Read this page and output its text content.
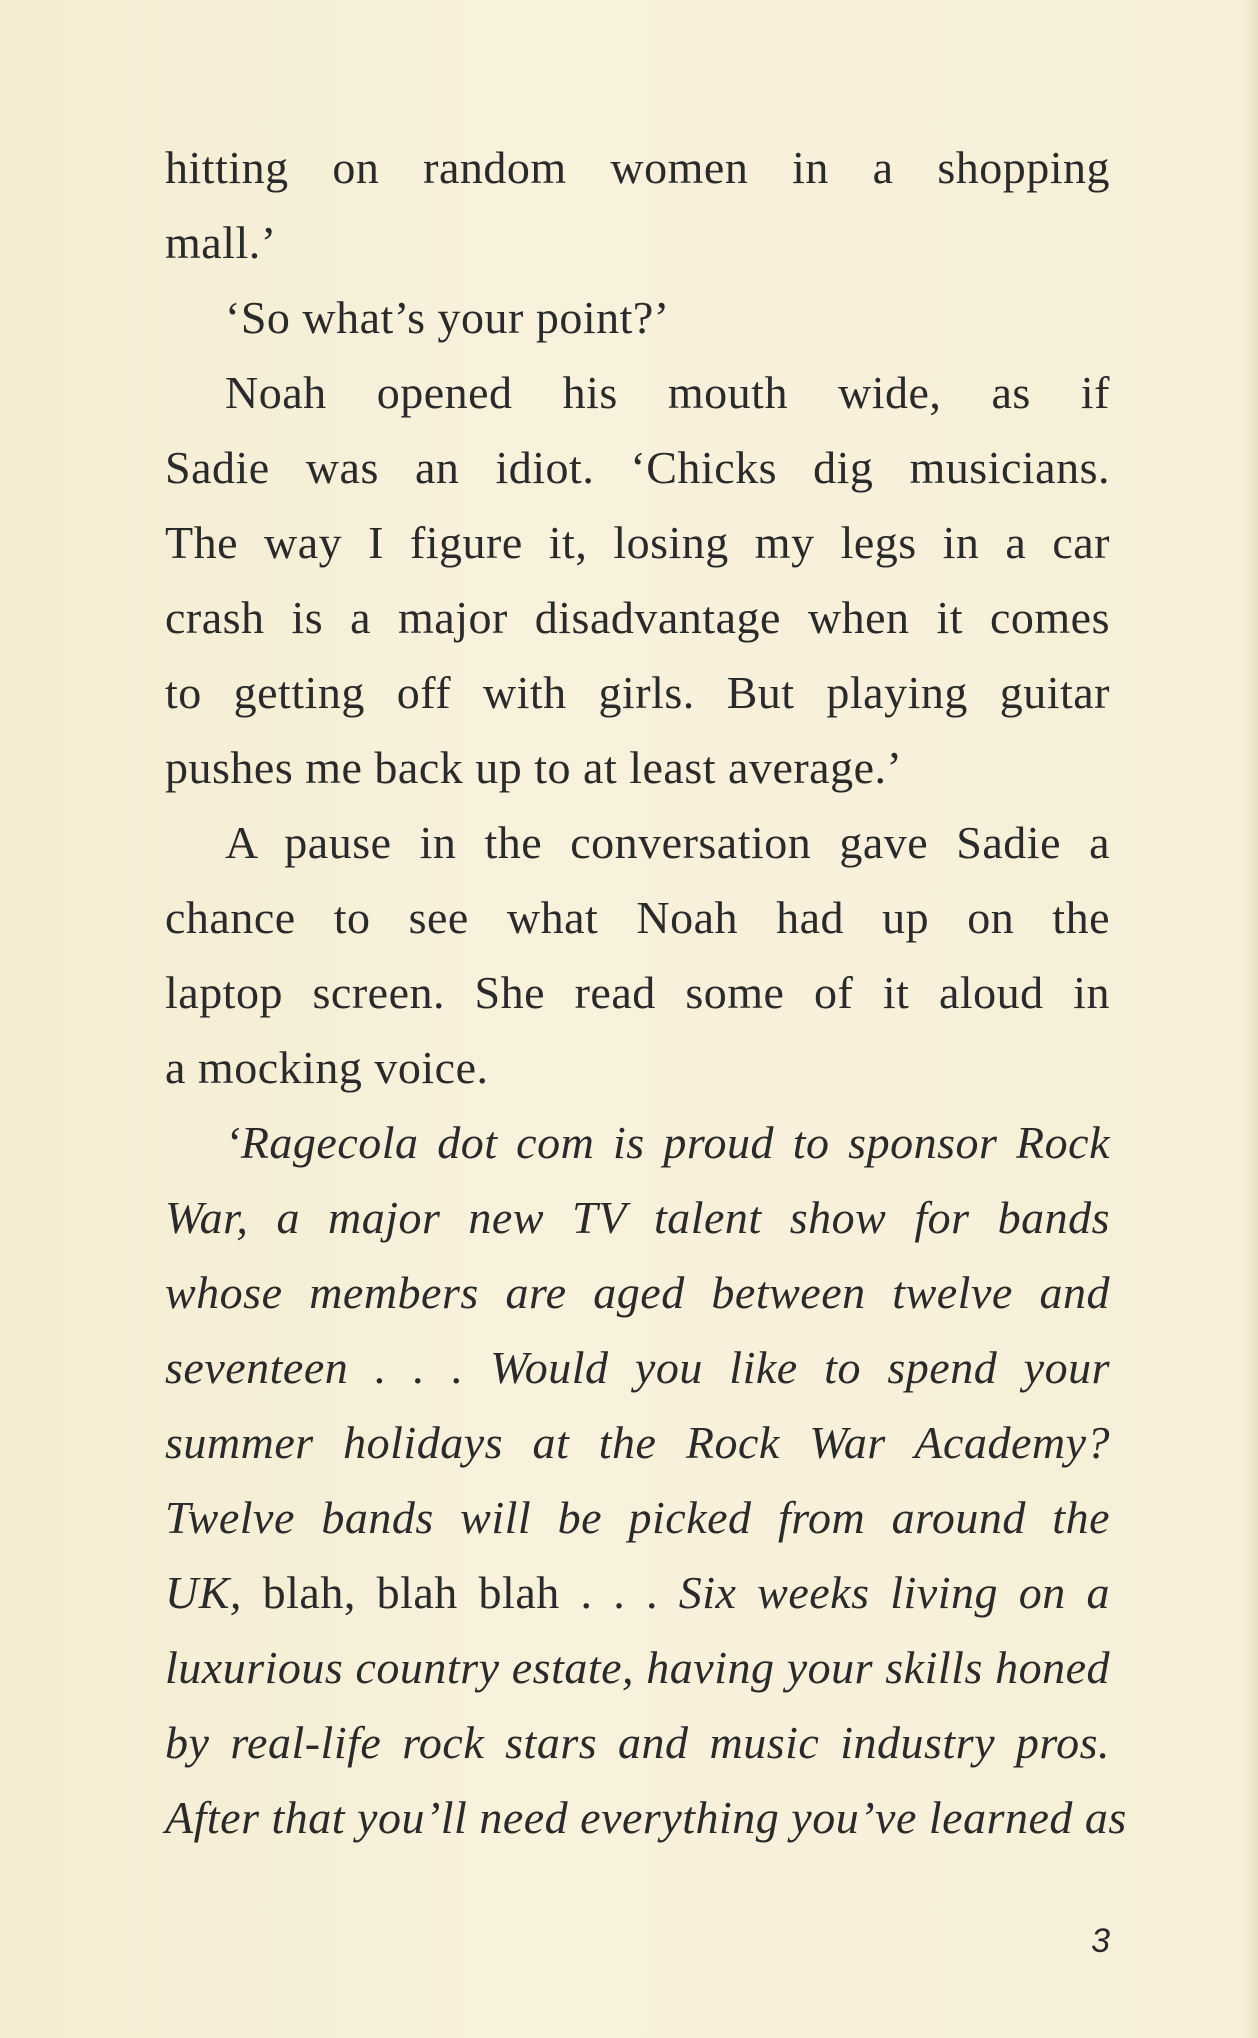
hitting on random women in a shopping
mall.’
‘So what’s your point?’
Noah opened his mouth wide, as if
Sadie was an idiot. ‘Chicks dig musicians.
The way I figure it, losing my legs in a car
crash is a major disadvantage when it comes
to getting off with girls. But playing guitar
pushes me back up to at least average.’
A pause in the conversation gave Sadie a
chance to see what Noah had up on the
laptop screen. She read some of it aloud in
a mocking voice.
‘Ragecola dot com is proud to sponsor Rock
War, a major new TV talent show for bands
whose members are aged between twelve and
seventeen . . . Would you like to spend your
summer holidays at the Rock War Academy?
Twelve bands will be picked from around the
UK, blah, blah blah . . . Six weeks living on a
luxurious country estate, having your skills honed
by real-life rock stars and music industry pros.
After that you’ll need everything you’ve learned as
3
